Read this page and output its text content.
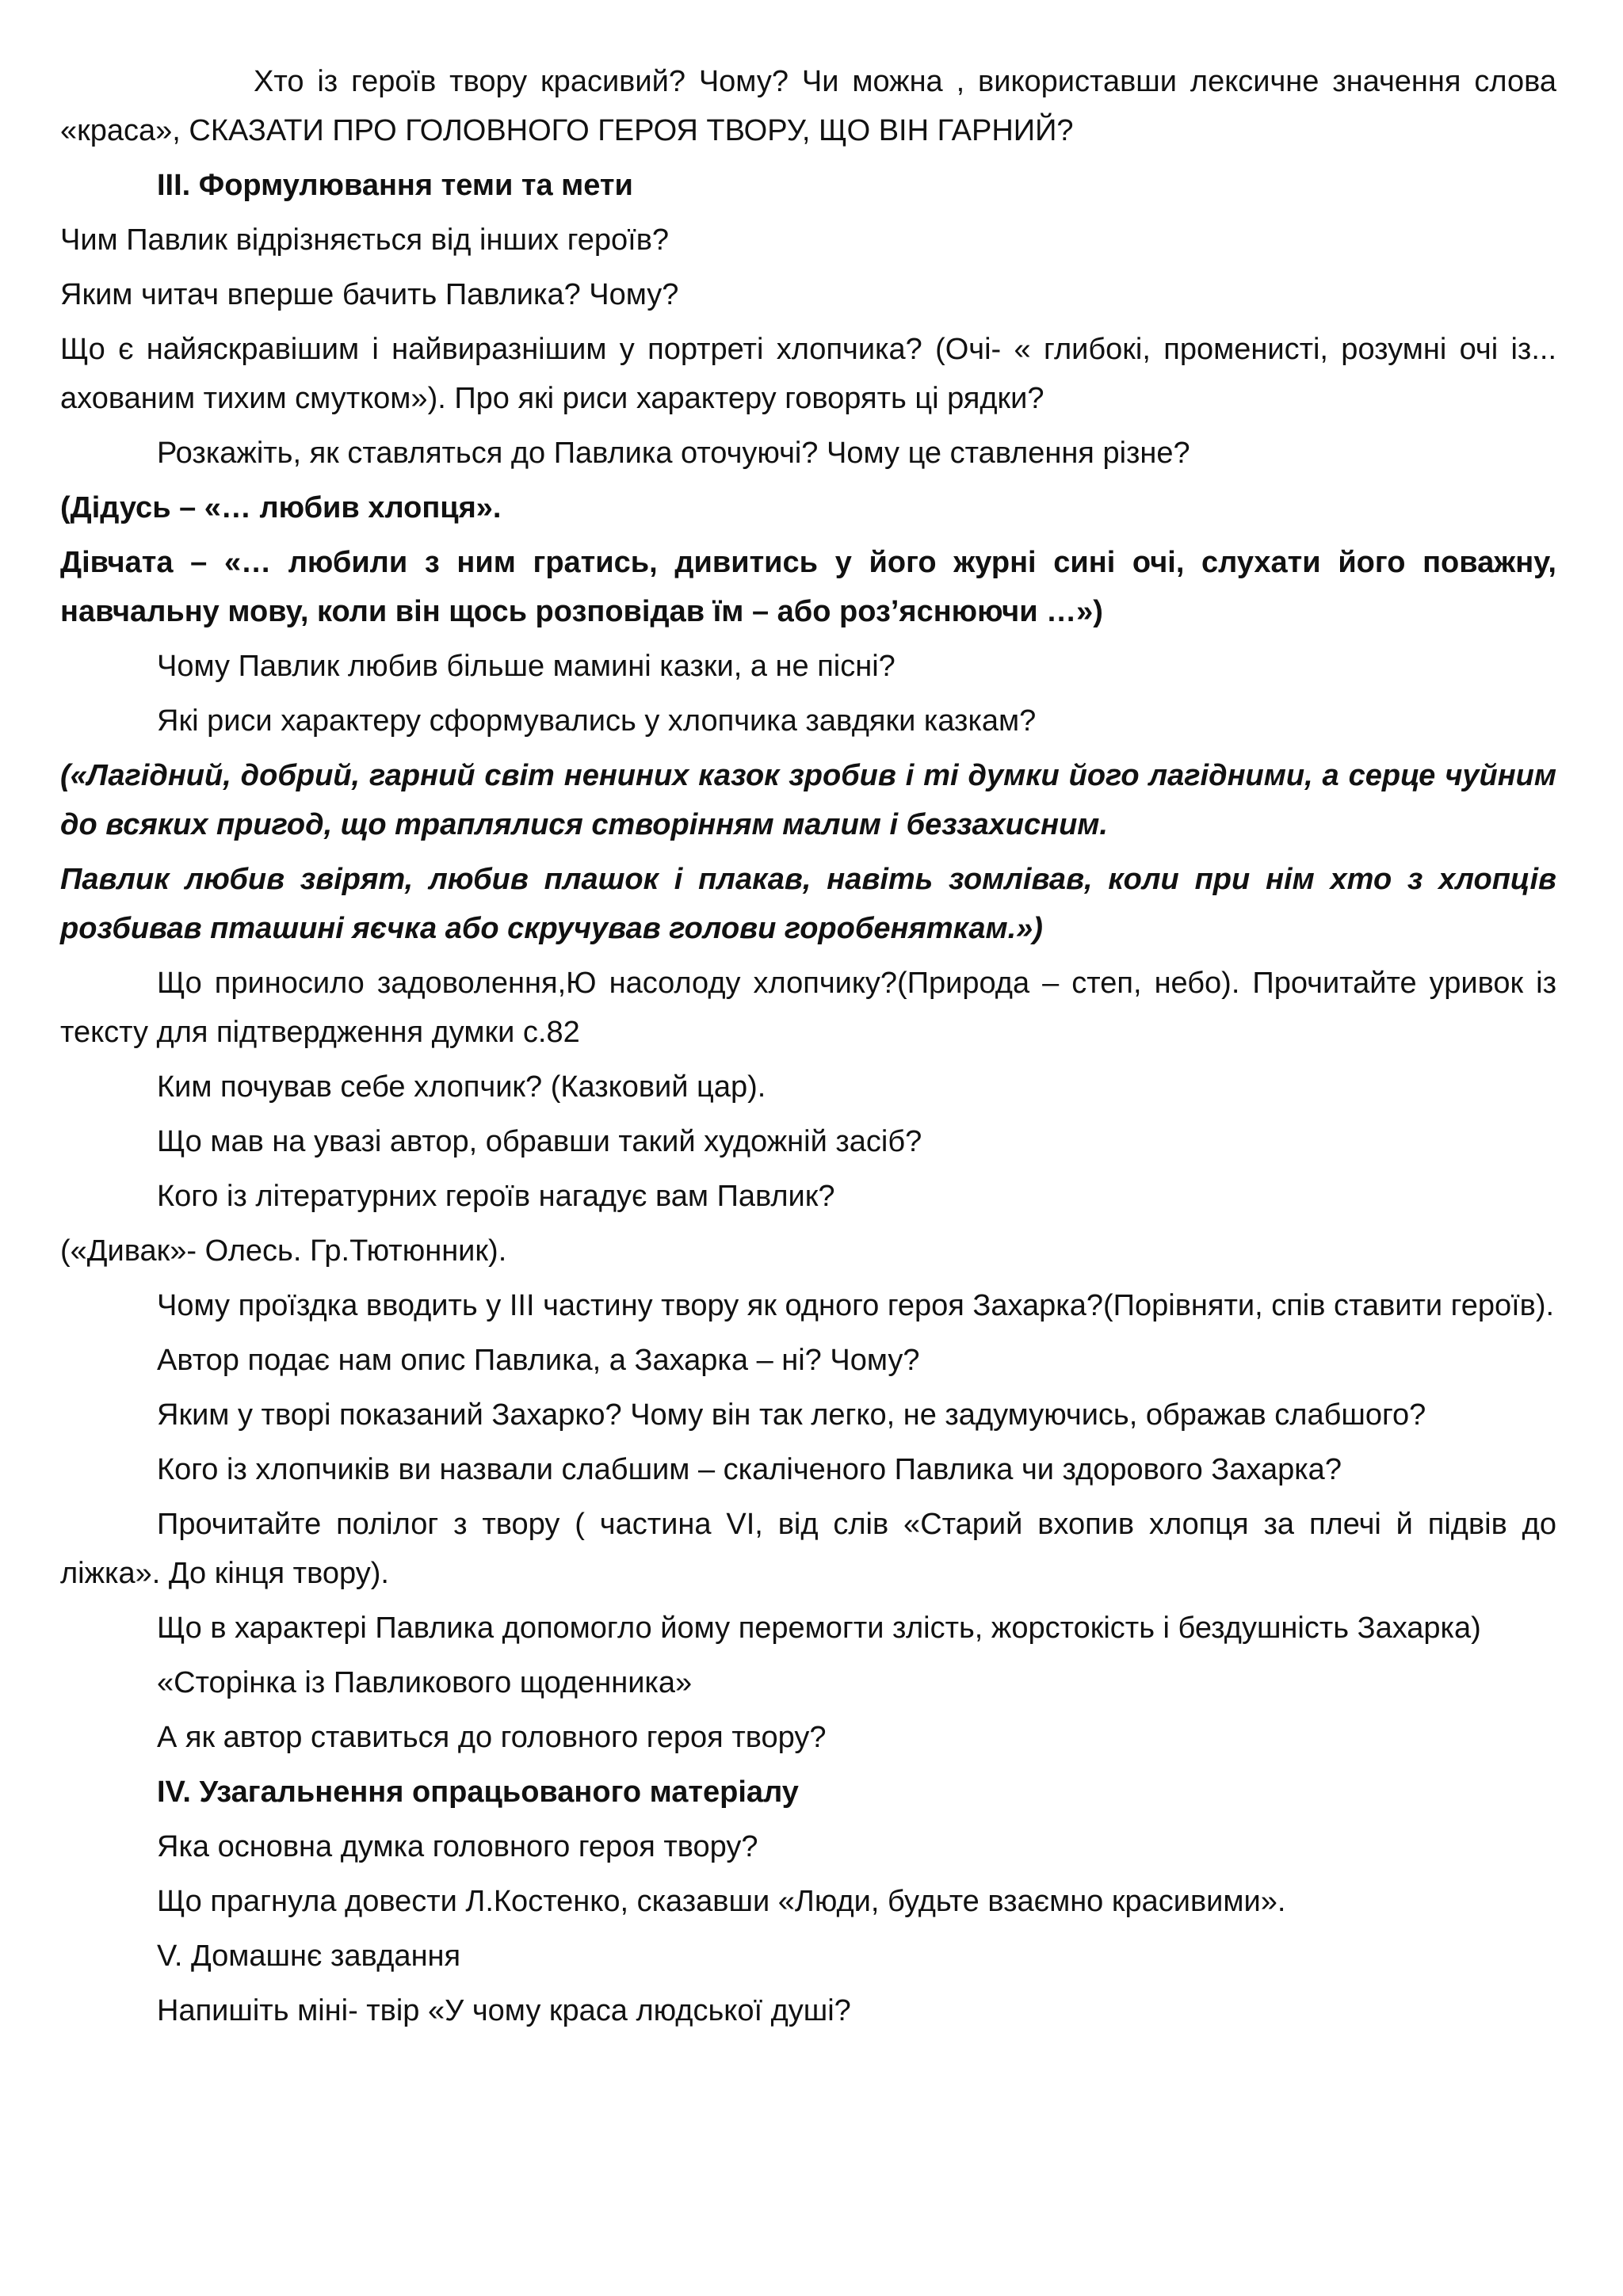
Хто із героїв твору красивий? Чому? Чи можна , використавши лексичне значення слова «краса», СКАЗАТИ ПРО ГОЛОВНОГО ГЕРОЯ ТВОРУ, ЩО ВІН ГАРНИЙ?

ІІІ. Формулювання теми та мети

Чим Павлик відрізняється від інших героїв?

Яким читач вперше бачить Павлика? Чому?

Що є найяскравішим і найвиразнішим у портреті хлопчика? (Очі- « глибокі, променисті, розумні очі із... ахованим тихим смутком»). Про які риси характеру говорять ці рядки?

Розкажіть, як ставляться до Павлика оточуючі? Чому це ставлення різне?

(Дідусь – «… любив хлопця».

Дівчата – «… любили з ним гратись, дивитись у його журні сині очі, слухати його поважну, навчальну мову, коли він щось розповідав їм – або роз’яснюючи …»)

Чому Павлик любив більше мамині казки, а не пісні?

Які риси характеру сформувались у хлопчика завдяки казкам?

(«Лагідний, добрий, гарний світ нениних казок зробив і ті думки його лагідними, а серце чуйним до всяких пригод, що траплялися створінням малим і беззахисним.

Павлик любив звірят, любив плашок і плакав, навіть зомлівав, коли при нім хто з хлопців розбивав пташині яєчка або скручував голови горобеняткам.»)

Що приносило задоволення,Ю насолоду хлопчику?(Природа – степ, небо). Прочитайте уривок із тексту для підтвердження думки с.82

Ким почував себе хлопчик? (Казковий цар).

Що мав на увазі автор, обравши такий художній засіб?

Кого із літературних героїв нагадує вам Павлик?

(«Дивак»- Олесь. Гр.Тютюнник).

Чому проїздка вводить у ІІІ частину твору як одного героя Захарка?(Порівняти, спів ставити героїв).

Автор подає нам опис Павлика, а Захарка – ні? Чому?

Яким у творі показаний Захарко? Чому він так легко, не задумуючись, ображав слабшого?

Кого із хлопчиків ви назвали слабшим – скаліченого Павлика чи здорового Захарка?

Прочитайте полілог з твору ( частина VІ, від слів «Старий вхопив хлопця за плечі й підвів до ліжка». До кінця твору).

Що в характері Павлика допомогло йому перемогти злість, жорстокість і бездушність Захарка)

«Сторінка із Павликового щоденника»

А як автор ставиться до головного героя твору?

ІV. Узагальнення опрацьованого матеріалу

Яка основна думка головного героя твору?

Що прагнула довести Л.Костенко, сказавши «Люди, будьте взаємно красивими».

V. Домашнє завдання

Напишіть міні- твір «У чому краса людської душі?
